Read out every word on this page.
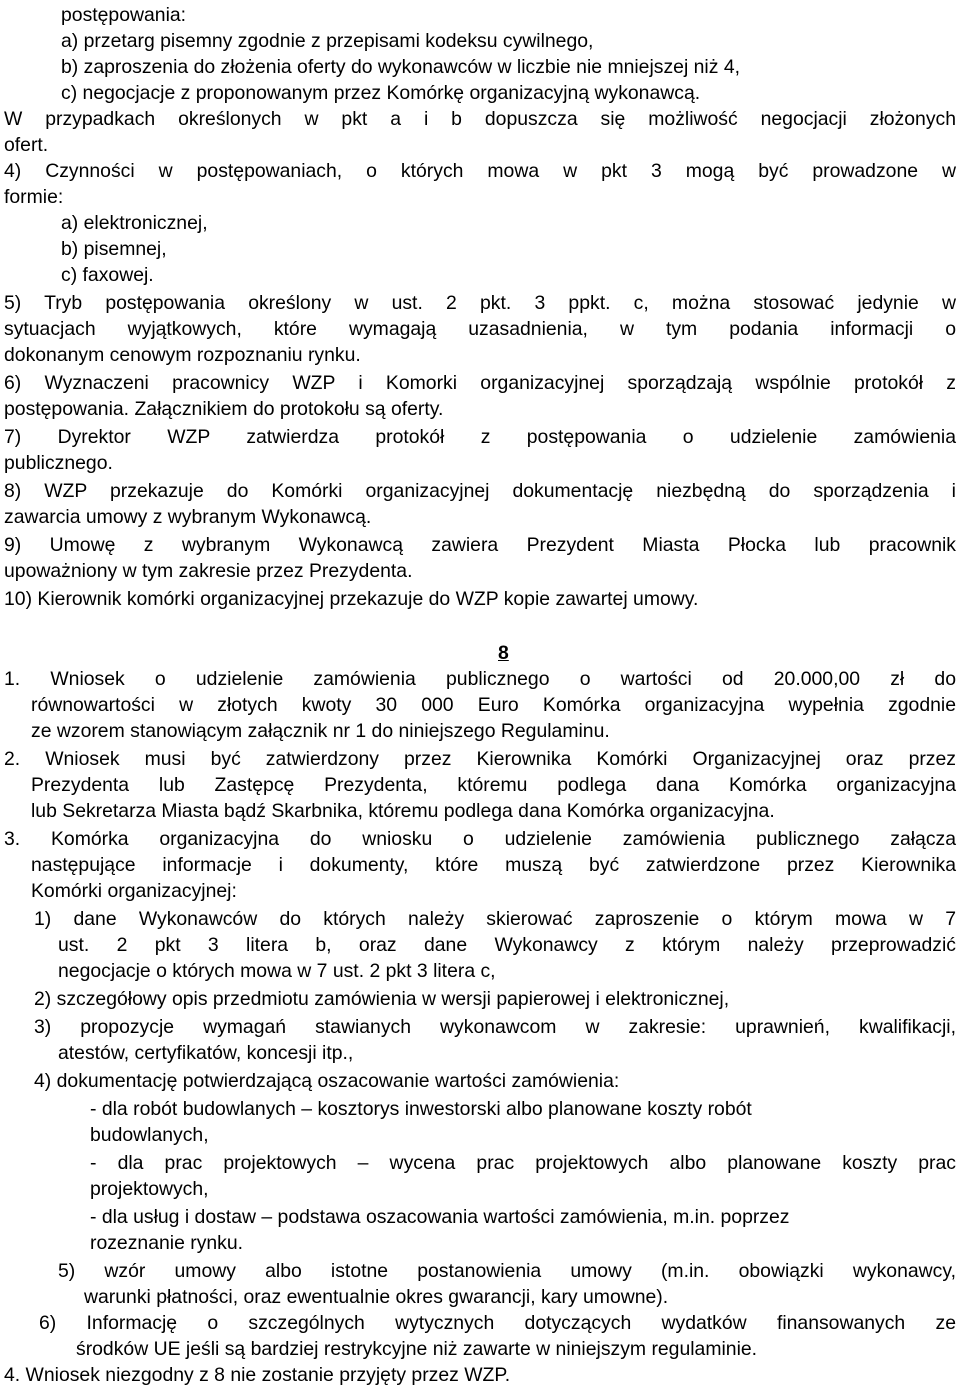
postępowania:
a) przetarg pisemny zgodnie z przepisami kodeksu cywilnego,
b) zaproszenia do złożenia oferty do wykonawców w liczbie nie mniejszej niż 4,
c) negocjacje z proponowanym przez Komórkę organizacyjną wykonawcą.
W przypadkach określonych w pkt a i b dopuszcza się możliwość negocjacji złożonych
ofert.
4) Czynności w postępowaniach, o których mowa w pkt 3 mogą być prowadzone w
formie:
a) elektronicznej,
b) pisemnej,
c) faxowej.
5) Tryb postępowania określony w ust. 2 pkt. 3 ppkt. c, można stosować jedynie w
sytuacjach wyjątkowych, które wymagają uzasadnienia, w tym podania informacji o
dokonanym cenowym rozpoznaniu rynku.
6) Wyznaczeni pracownicy WZP i Komorki organizacyjnej sporządzają wspólnie protokół z
postępowania. Załącznikiem do protokołu są oferty.
7) Dyrektor WZP zatwierdza protokół z postępowania o udzielenie zamówienia
publicznego.
8) WZP przekazuje do Komórki organizacyjnej dokumentację niezbędną do sporządzenia i
zawarcia umowy z wybranym Wykonawcą.
9) Umowę z wybranym Wykonawcą zawiera Prezydent Miasta Płocka lub pracownik
upoważniony w tym zakresie przez Prezydenta.
10) Kierownik komórki organizacyjnej przekazuje do WZP kopie zawartej umowy.
8
1. Wniosek o udzielenie zamówienia publicznego o wartości od 20.000,00 zł do
równowartości w złotych kwoty 30 000 Euro Komórka organizacyjna wypełnia zgodnie
ze wzorem stanowiącym załącznik nr 1 do niniejszego Regulaminu.
2. Wniosek musi być zatwierdzony przez Kierownika Komórki Organizacyjnej oraz przez
Prezydenta lub Zastępcę Prezydenta, któremu podlega dana Komórka organizacyjna
lub Sekretarza Miasta bądź Skarbnika, któremu podlega dana Komórka organizacyjna.
3. Komórka organizacyjna do wniosku o udzielenie zamówienia publicznego załącza
następujące informacje i dokumenty, które muszą być zatwierdzone przez Kierownika
Komórki organizacyjnej:
1) dane Wykonawców do których należy skierować zaproszenie o którym mowa w 7
ust. 2 pkt 3 litera b, oraz dane Wykonawcy z którym należy przeprowadzić
negocjacje o których mowa w 7 ust. 2 pkt 3 litera c,
2) szczegółowy opis przedmiotu zamówienia w wersji papierowej i elektronicznej,
3) propozycje wymagań stawianych wykonawcom w zakresie: uprawnień, kwalifikacji,
atestów, certyfikatów, koncesji itp.,
4) dokumentację potwierdzającą oszacowanie wartości zamówienia:
- dla robót budowlanych – kosztorys inwestorski albo planowane koszty robót
budowlanych,
- dla prac projektowych – wycena prac projektowych albo planowane koszty prac
projektowych,
- dla usług i dostaw – podstawa oszacowania wartości zamówienia, m.in. poprzez
rozeznanie rynku.
5) wzór umowy albo istotne postanowienia umowy (m.in. obowiązki wykonawcy,
warunki płatności, oraz ewentualnie okres gwarancji, kary umowne).
6) Informację o szczególnych wytycznych dotyczących wydatków finansowanych ze
środków UE jeśli są bardziej restrykcyjne niż zawarte w niniejszym regulaminie.
4. Wniosek niezgodny z 8 nie zostanie przyjęty przez WZP.
